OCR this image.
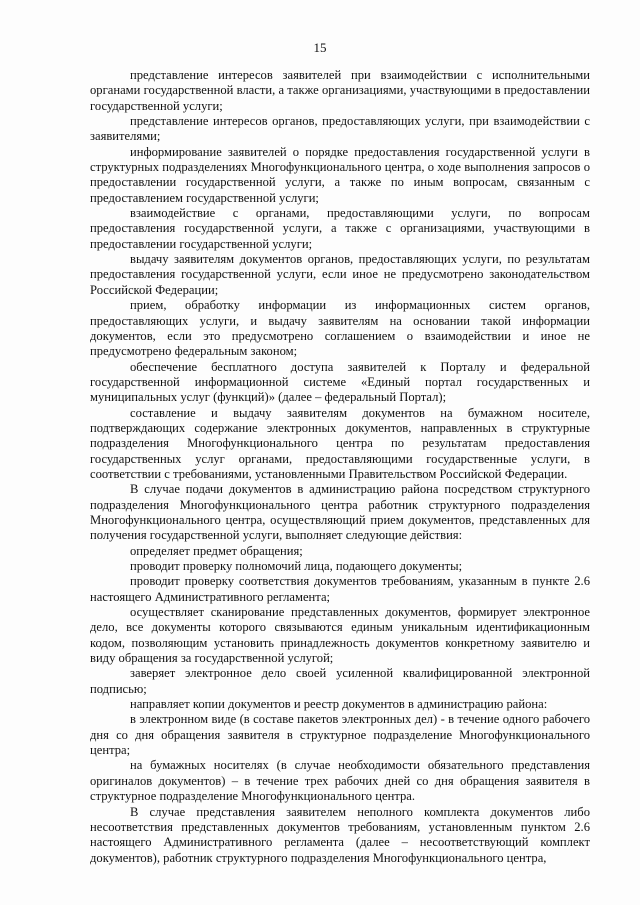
15

представление интересов заявителей при взаимодействии с исполнительными органами государственной власти, а также организациями, участвующими в предоставлении государственной услуги;

представление интересов органов, предоставляющих услуги, при взаимодействии с заявителями;

информирование заявителей о порядке предоставления государственной услуги в структурных подразделениях Многофункционального центра, о ходе выполнения запросов о предоставлении государственной услуги, а также по иным вопросам, связанным с предоставлением государственной услуги;

взаимодействие с органами, предоставляющими услуги, по вопросам предоставления государственной услуги, а также с организациями, участвующими в предоставлении государственной услуги;

выдачу заявителям документов органов, предоставляющих услуги, по результатам предоставления государственной услуги, если иное не предусмотрено законодательством Российской Федерации;

прием, обработку информации из информационных систем органов, предоставляющих услуги, и выдачу заявителям на основании такой информации документов, если это предусмотрено соглашением о взаимодействии и иное не предусмотрено федеральным законом;

обеспечение бесплатного доступа заявителей к Порталу и федеральной государственной информационной системе «Единый портал государственных и муниципальных услуг (функций)» (далее – федеральный Портал);

составление и выдачу заявителям документов на бумажном носителе, подтверждающих содержание электронных документов, направленных в структурные подразделения Многофункционального центра по результатам предоставления государственных услуг органами, предоставляющими государственные услуги, в соответствии с требованиями, установленными Правительством Российской Федерации.

В случае подачи документов в администрацию района посредством структурного подразделения Многофункционального центра работник структурного подразделения Многофункционального центра, осуществляющий прием документов, представленных для получения государственной услуги, выполняет следующие действия:

определяет предмет обращения;

проводит проверку полномочий лица, подающего документы;

проводит проверку соответствия документов требованиям, указанным в пункте 2.6 настоящего Административного регламента;

осуществляет сканирование представленных документов, формирует электронное дело, все документы которого связываются единым уникальным идентификационным кодом, позволяющим установить принадлежность документов конкретному заявителю и виду обращения за государственной услугой;

заверяет электронное дело своей усиленной квалифицированной электронной подписью;

направляет копии документов и реестр документов в администрацию района:

в электронном виде (в составе пакетов электронных дел) - в течение одного рабочего дня со дня обращения заявителя в структурное подразделение Многофункционального центра;

на бумажных носителях (в случае необходимости обязательного представления оригиналов документов) – в течение трех рабочих дней со дня обращения заявителя в структурное подразделение Многофункционального центра.

В случае представления заявителем неполного комплекта документов либо несоответствия представленных документов требованиям, установленным пунктом 2.6 настоящего Административного регламента (далее – несоответствующий комплект документов), работник структурного подразделения Многофункционального центра,
